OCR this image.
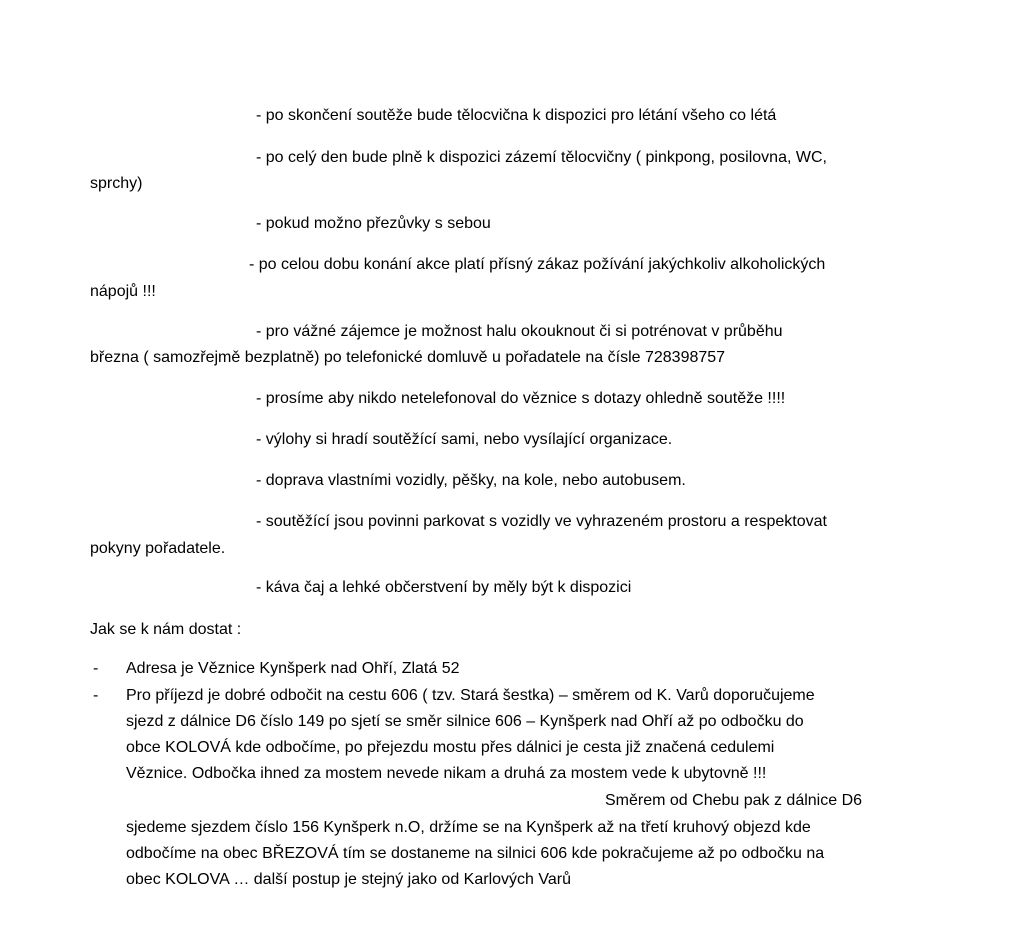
- po skončení soutěže bude tělocvična k dispozici pro létání všeho co létá
- po celý den bude plně k dispozici zázemí tělocvičny ( pinkpong, posilovna, WC,
sprchy)
- pokud možno přezůvky s sebou
- po celou dobu konání akce platí přísný zákaz požívání jakýchkoliv alkoholických
nápojů !!!
- pro vážné zájemce je možnost halu okouknout či si potrénovat v průběhu
března ( samozřejmě bezplatně) po telefonické domluvě u pořadatele na čísle 728398757
- prosíme aby nikdo netelefonoval do věznice s dotazy ohledně soutěže !!!!
- výlohy si hradí soutěžící sami, nebo vysílající organizace.
- doprava vlastními vozidly, pěšky, na kole, nebo autobusem.
- soutěžící jsou povinni parkovat s vozidly ve vyhrazeném prostoru a respektovat
pokyny pořadatele.
- káva čaj a lehké občerstvení by měly být k dispozici
Jak se k nám dostat :
- Adresa je Věznice Kynšperk nad Ohří, Zlatá 52
- Pro příjezd je dobré odbočit na cestu 606 ( tzv. Stará šestka) – směrem od K. Varů doporučujeme
sjezd z dálnice D6 číslo 149 po sjetí se směr silnice 606 – Kynšperk nad Ohří až po odbočku do
obce KOLOVÁ kde odbočíme, po přejezdu mostu přes dálnici je cesta již značená cedulemi
Věznice. Odbočka ihned za mostem nevede nikam a druhá za mostem vede k ubytovně !!!
Směrem od Chebu pak z dálnice D6
sjedeme sjezdem číslo 156 Kynšperk n.O, držíme se na Kynšperk až na třetí kruhový objezd kde
odbočíme na obec BŘEZOVÁ tím se dostaneme na silnici 606 kde pokračujeme až po odbočku na
obec KOLOVA … další postup je stejný jako od Karlových Varů
